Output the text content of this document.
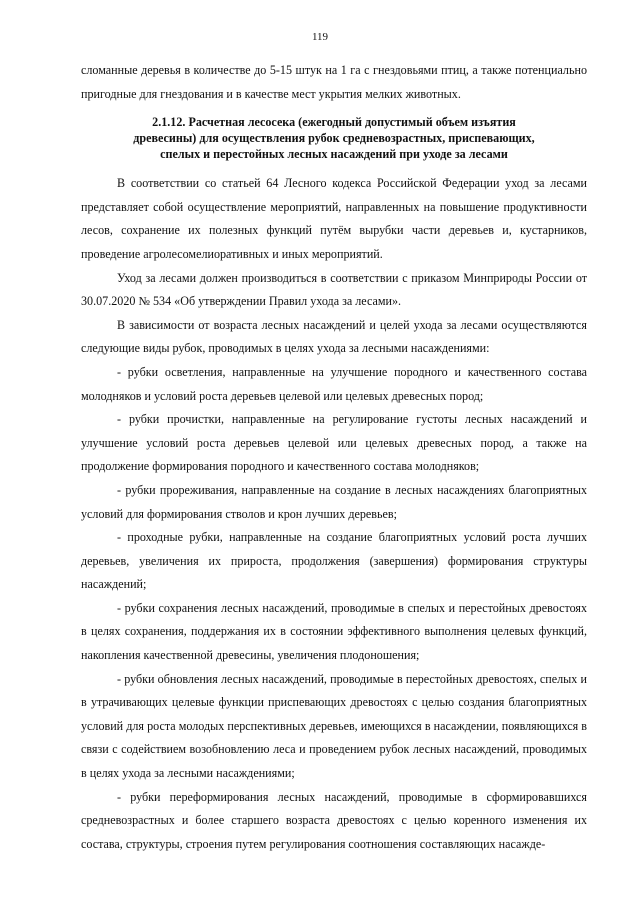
119

сломанные деревья в количестве до 5-15 штук на 1 га с гнездовьями птиц, а также потенциально пригодные для гнездования и в качестве мест укрытия мелких животных.

2.1.12. Расчетная лесосека (ежегодный допустимый объем изъятия
древесины) для осуществления рубок средневозрастных, приспевающих,
спелых и перестойных лесных насаждений при уходе за лесами

В соответствии со статьей 64 Лесного кодекса Российской Федерации уход за лесами представляет собой осуществление мероприятий, направленных на повышение продуктивности лесов, сохранение их полезных функций путём вырубки части деревьев и, кустарников, проведение агролесомелиоративных и иных мероприятий.

Уход за лесами должен производиться в соответствии с приказом Минприроды России от 30.07.2020 № 534 «Об утверждении Правил ухода за лесами».

В зависимости от возраста лесных насаждений и целей ухода за лесами осуществляются следующие виды рубок, проводимых в целях ухода за лесными насаждениями:

- рубки осветления, направленные на улучшение породного и качественного состава молодняков и условий роста деревьев целевой или целевых древесных пород;

- рубки прочистки, направленные на регулирование густоты лесных насаждений и улучшение условий роста деревьев целевой или целевых древесных пород, а также на продолжение формирования породного и качественного состава молодняков;

- рубки прореживания, направленные на создание в лесных насаждениях благоприятных условий для формирования стволов и крон лучших деревьев;

- проходные рубки, направленные на создание благоприятных условий роста лучших деревьев, увеличения их прироста, продолжения (завершения) формирования структуры насаждений;

- рубки сохранения лесных насаждений, проводимые в спелых и перестойных древостоях в целях сохранения, поддержания их в состоянии эффективного выполнения целевых функций, накопления качественной древесины, увеличения плодоношения;

- рубки обновления лесных насаждений, проводимые в перестойных древостоях, спелых и в утрачивающих целевые функции приспевающих древостоях с целью создания благоприятных условий для роста молодых перспективных деревьев, имеющихся в насаждении, появляющихся в связи с содействием возобновлению леса и проведением рубок лесных насаждений, проводимых в целях ухода за лесными насаждениями;

- рубки переформирования лесных насаждений, проводимые в сформировавшихся средневозрастных и более старшего возраста древостоях с целью коренного изменения их состава, структуры, строения путем регулирования соотношения составляющих насажде-
